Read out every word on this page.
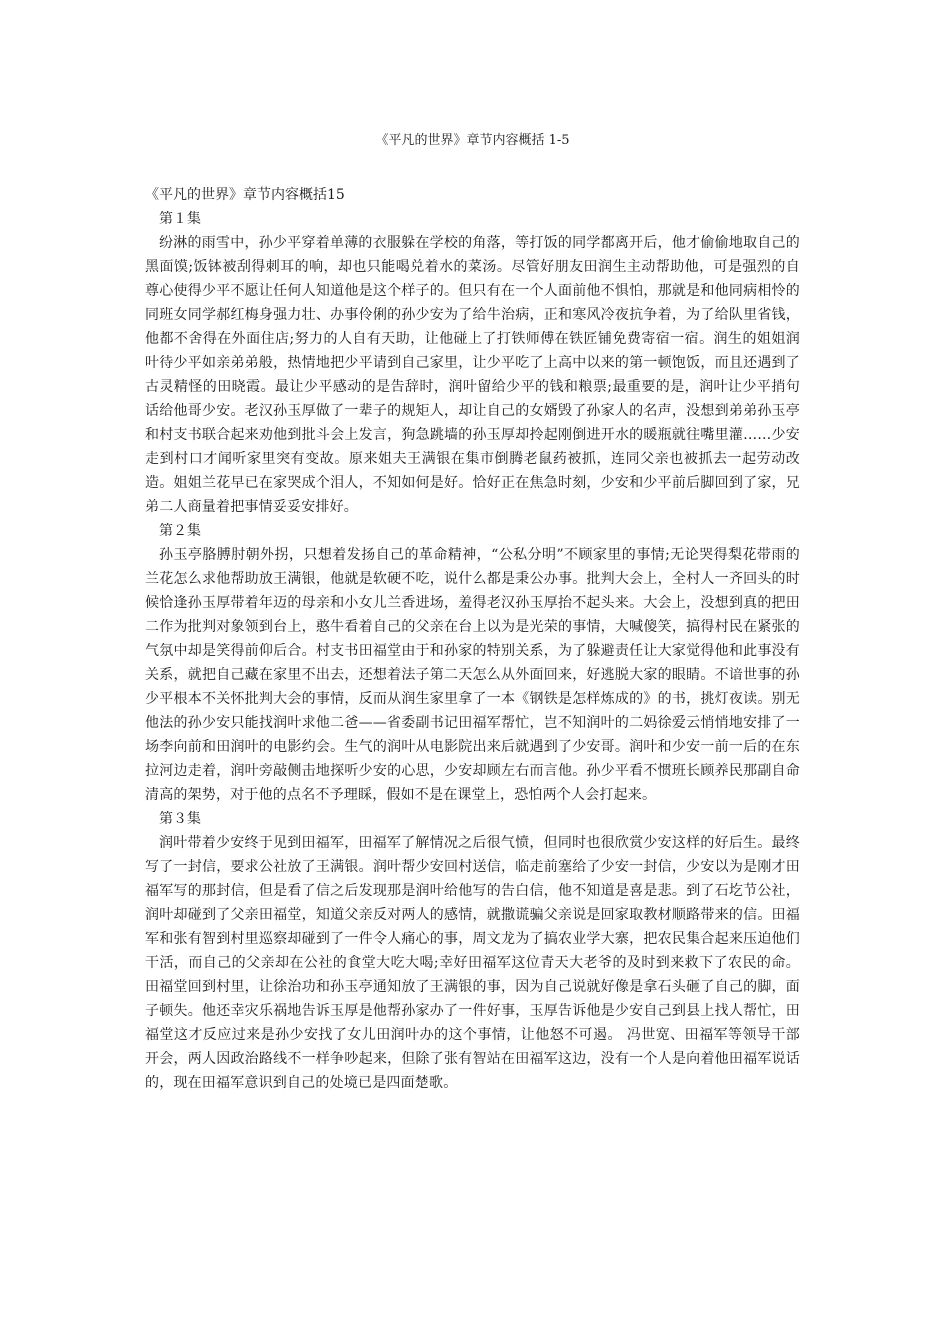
《平凡的世界》章节内容概括 1-5

《平凡的世界》章节内容概括15

第１集

纷淋的雨雪中，孙少平穿着单薄的衣服躲在学校的角落，等打饭的同学都离开后，他才偷偷地取自己的黑面馍;饭钵被刮得刺耳的响，却也只能喝兑着水的菜汤。尽管好朋友田润生主动帮助他，可是强烈的自尊心使得少平不愿让任何人知道他是这个样子的。但只有在一个人面前他不惧怕，那就是和他同病相怜的同班女同学郝红梅身强力壮、办事伶俐的孙少安为了给牛治病，正和寒风冷夜抗争着，为了给队里省钱，他都不舍得在外面住店;努力的人自有天助，让他碰上了打铁师傅在铁匠铺免费寄宿一宿。润生的姐姐润叶待少平如亲弟弟般，热情地把少平请到自己家里，让少平吃了上高中以来的第一顿饱饭，而且还遇到了古灵精怪的田晓霞。最让少平感动的是告辞时，润叶留给少平的钱和粮票;最重要的是，润叶让少平捎句话给他哥少安。老汉孙玉厚做了一辈子的规矩人，却让自己的女婿毁了孙家人的名声，没想到弟弟孙玉亭和村支书联合起来劝他到批斗会上发言，狗急跳墙的孙玉厚却拎起刚倒进开水的暖瓶就往嘴里灌……少安走到村口才闻听家里突有变故。原来姐夫王满银在集市倒腾老鼠药被抓，连同父亲也被抓去一起劳动改造。姐姐兰花早已在家哭成个泪人，不知如何是好。恰好正在焦急时刻，少安和少平前后脚回到了家，兄弟二人商量着把事情妥妥安排好。

第２集

孙玉亭胳膊肘朝外拐，只想着发扬自己的革命精神，“公私分明”不顾家里的事情;无论哭得梨花带雨的兰花怎么求他帮助放王满银，他就是软硬不吃，说什么都是秉公办事。批判大会上，全村人一齐回头的时候恰逢孙玉厚带着年迈的母亲和小女儿兰香进场，羞得老汉孙玉厚抬不起头来。大会上，没想到真的把田二作为批判对象领到台上，憨牛看着自己的父亲在台上以为是光荣的事情，大喊傻笑，搞得村民在紧张的气氛中却是笑得前仰后合。村支书田福堂由于和孙家的特别关系，为了躲避责任让大家觉得他和此事没有关系，就把自己藏在家里不出去，还想着法子第二天怎么从外面回来，好逃脱大家的眼睛。不谙世事的孙少平根本不关怀批判大会的事情，反而从润生家里拿了一本《钢铁是怎样炼成的》的书，挑灯夜读。别无他法的孙少安只能找润叶求他二爸——省委副书记田福军帮忙，岂不知润叶的二妈徐爱云悄悄地安排了一场李向前和田润叶的电影约会。生气的润叶从电影院出来后就遇到了少安哥。润叶和少安一前一后的在东拉河边走着，润叶旁敲侧击地探听少安的心思，少安却顾左右而言他。孙少平看不惯班长顾养民那副自命清高的架势，对于他的点名不予理睬，假如不是在课堂上，恐怕两个人会打起来。

第３集

润叶带着少安终于见到田福军，田福军了解情况之后很气愤，但同时也很欣赏少安这样的好后生。最终写了一封信，要求公社放了王满银。润叶帮少安回村送信，临走前塞给了少安一封信，少安以为是刚才田福军写的那封信，但是看了信之后发现那是润叶给他写的告白信，他不知道是喜是悲。到了石圪节公社，润叶却碰到了父亲田福堂，知道父亲反对两人的感情，就撒谎骗父亲说是回家取教材顺路带来的信。田福军和张有智到村里巡察却碰到了一件令人痛心的事，周文龙为了搞农业学大寨，把农民集合起来压迫他们干活，而自己的父亲却在公社的食堂大吃大喝;幸好田福军这位青天大老爷的及时到来救下了农民的命。 田福堂回到村里，让徐治功和孙玉亭通知放了王满银的事，因为自己说就好像是拿石头砸了自己的脚，面子顿失。他还幸灾乐祸地告诉玉厚是他帮孙家办了一件好事，玉厚告诉他是少安自己到县上找人帮忙，田福堂这才反应过来是孙少安找了女儿田润叶办的这个事情，让他怒不可遏。 冯世宽、田福军等领导干部开会，两人因政治路线不一样争吵起来，但除了张有智站在田福军这边，没有一个人是向着他田福军说话的，现在田福军意识到自己的处境已是四面楚歌。
